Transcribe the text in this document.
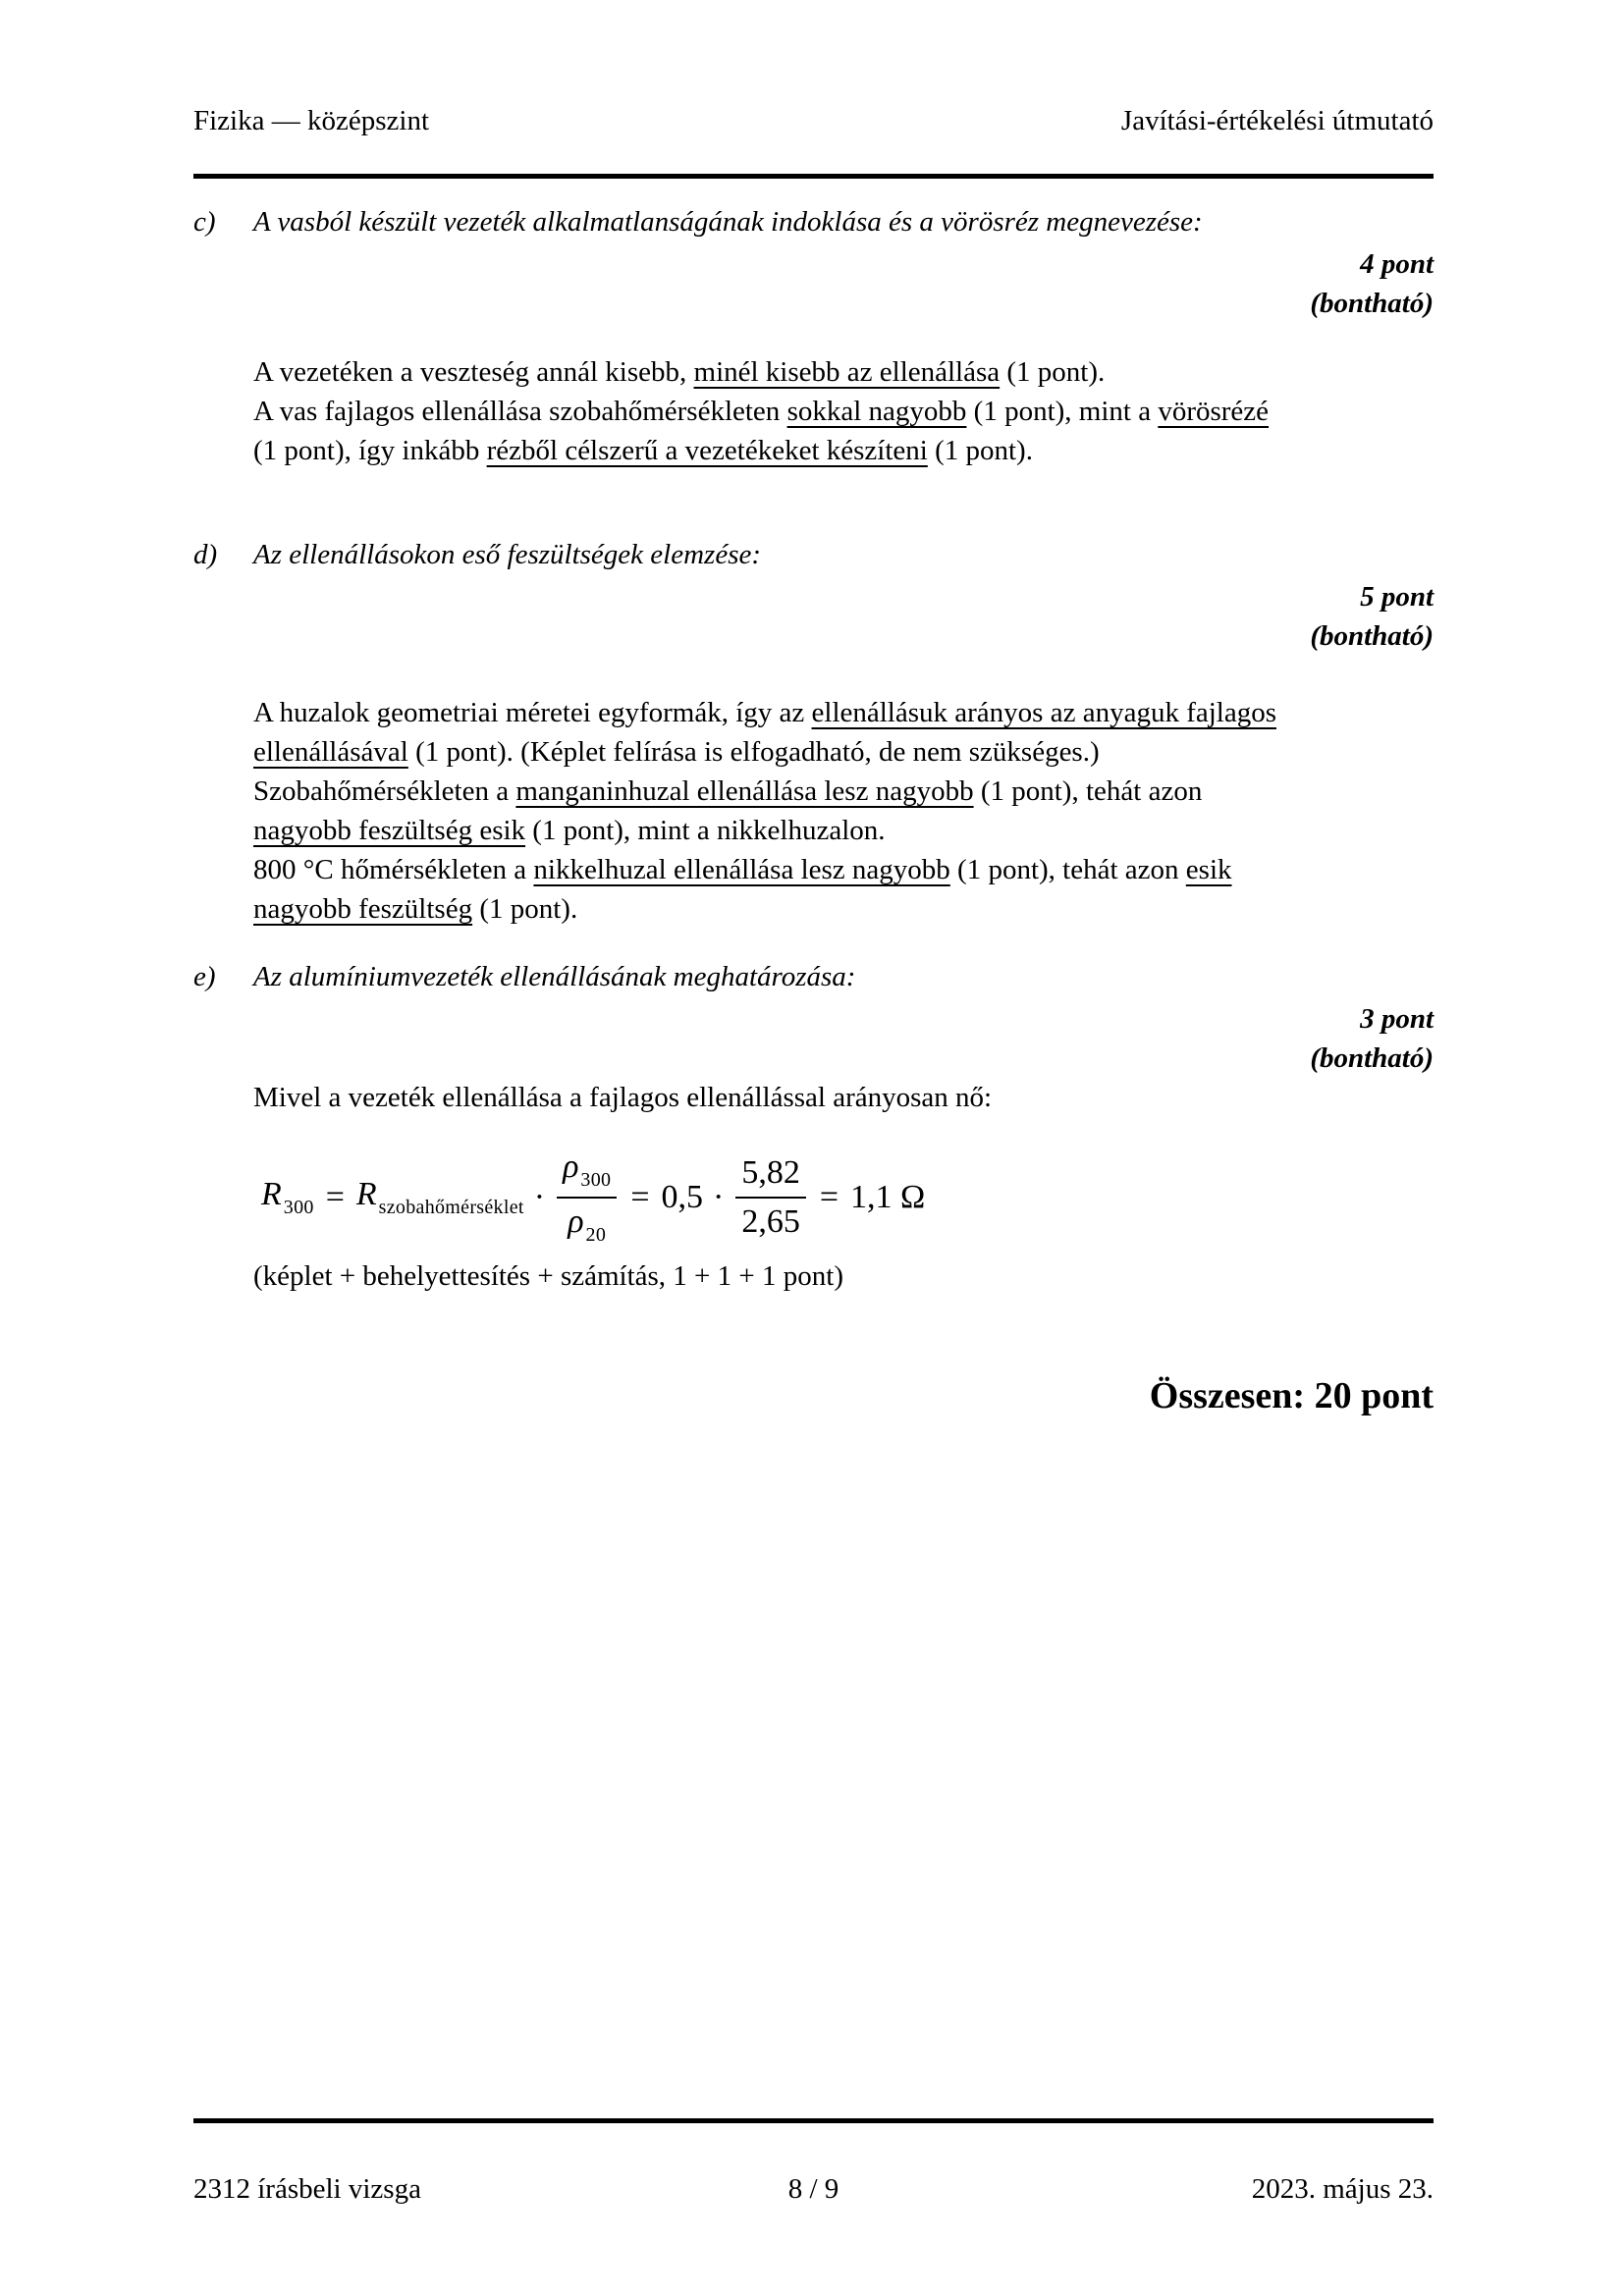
Fizika — középszint	Javítási-értékelési útmutató
c)	A vasból készült vezeték alkalmatlanságának indoklása és a vörösréz megnevezése:
4 pont
(bontható)
A vezetéken a veszteség annál kisebb, minél kisebb az ellenállása (1 pont).
A vas fajlagos ellenállása szobahőmérsékleten sokkal nagyobb (1 pont), mint a vörösrézé
(1 pont), így inkább rézből célszerű a vezetékeket készíteni (1 pont).
d)	Az ellenállásokon eső feszültségek elemzése:
5 pont
(bontható)
A huzalok geometriai méretei egyformák, így az ellenállásuk arányos az anyaguk fajlagos
ellenállásával (1 pont). (Képlet felírása is elfogadható, de nem szükséges.)
Szobahőmérsékleten a manganinhuzal ellenállása lesz nagyobb (1 pont), tehát azon
nagyobb feszültség esik (1 pont), mint a nikkelhuzalon.
800 °C hőmérsékleten a nikkelhuzal ellenállása lesz nagyobb (1 pont), tehát azon esik
nagyobb feszültség (1 pont).
e)	Az alumíniumvezeték ellenállásának meghatározása:
3 pont
(bontható)
Mivel a vezeték ellenállása a fajlagos ellenállással arányosan nő:
R $_{300}$ = R $_{szobahőmérséklet} \cdot \frac{\rho _{300}}{\rho _{20}} = 0,5 \cdot \frac{5,82}{2,65} = 1,1$ Ω
(képlet + behelyettesítés + számítás, 1 + 1 + 1 pont)
Összesen: 20 pont
2312 írásbeli vizsga	8 / 9	2023. május 23.
